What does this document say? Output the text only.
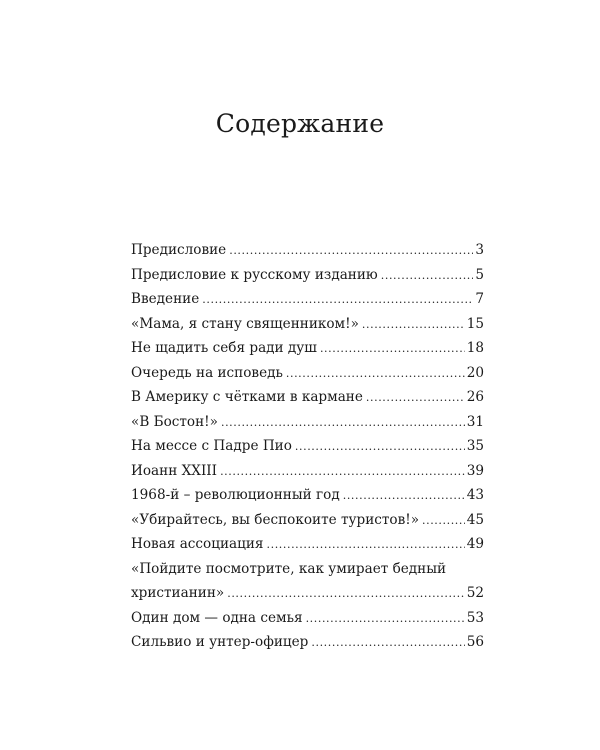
Содержание
Предисловие .....	3
Предисловие к русскому изданию .....	5
Введение .....	7
«Мама, я стану священником!» .....	15
Не щадить себя ради душ .....	18
Очередь на исповедь .....	20
В Америку с чётками в кармане .....	26
«В Бостон!» .....	31
На мессе с Падре Пио .....	35
Иоанн XXIII .....	39
1968-й – революционный год .....	43
«Убирайтесь, вы беспокоите туристов!» .....	45
Новая ассоциация .....	49
«Пойдите посмотрите, как умирает бедный
христианин» .....	52
Один дом — одна семья .....	53
Сильвио и унтер-офицер .....	56
